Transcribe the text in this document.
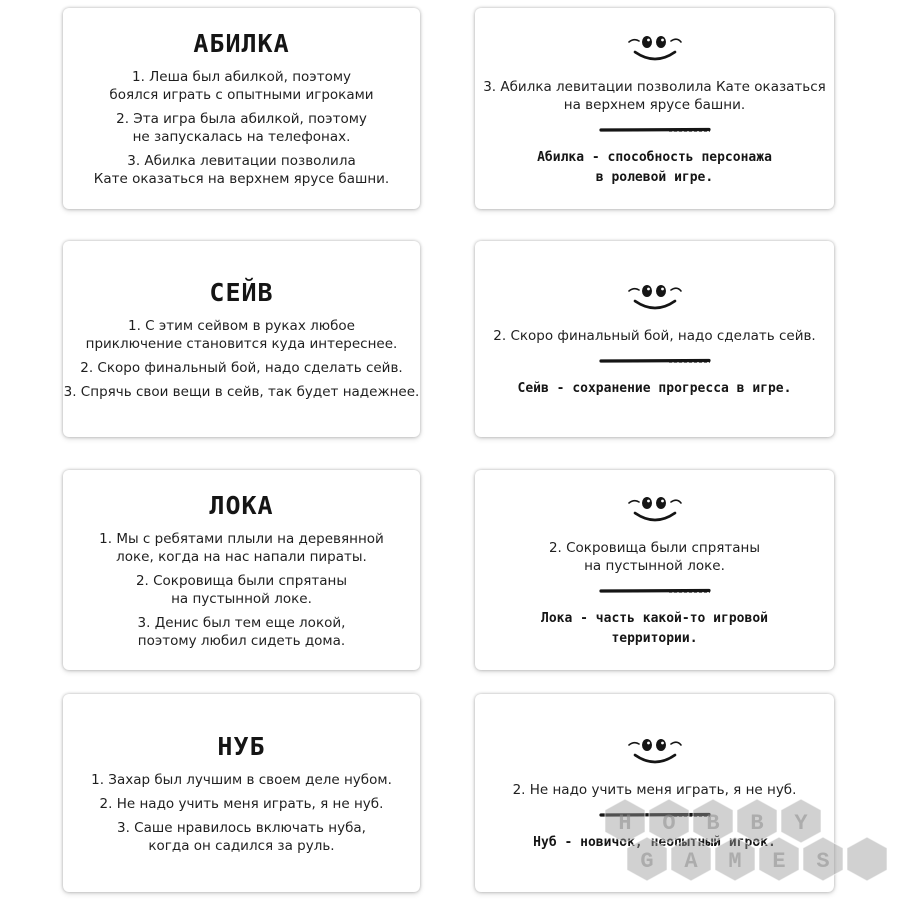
АБИЛКА
1. Леша был абилкой, поэтому
боялся играть с опытными игроками
2. Эта игра была абилкой, поэтому
не запускалась на телефонах.
3. Абилка левитации позволила
Кате оказаться на верхнем ярусе башни.
3. Абилка левитации позволила Кате оказаться
на верхнем ярусе башни.
Абилка - способность персонажа
в ролевой игре.
СЕЙВ
1. С этим сейвом в руках любое
приключение становится куда интереснее.
2. Скоро финальный бой, надо сделать сейв.
3. Спрячь свои вещи в сейв, так будет надежнее.
2. Скоро финальный бой, надо сделать сейв.
Сейв - сохранение прогресса в игре.
ЛОКА
1. Мы с ребятами плыли на деревянной
локе, когда на нас напали пираты.
2. Сокровища были спрятаны
на пустынной локе.
3. Денис был тем еще локой,
поэтому любил сидеть дома.
2. Сокровища были спрятаны
на пустынной локе.
Лока - часть какой-то игровой
территории.
НУБ
1. Захар был лучшим в своем деле нубом.
2. Не надо учить меня играть, я не нуб.
3. Саше нравилось включать нуба,
когда он садился за руль.
2. Не надо учить меня играть, я не нуб.
Нуб - новичок, неопытный игрок.
H O B B Y
G A M E S
